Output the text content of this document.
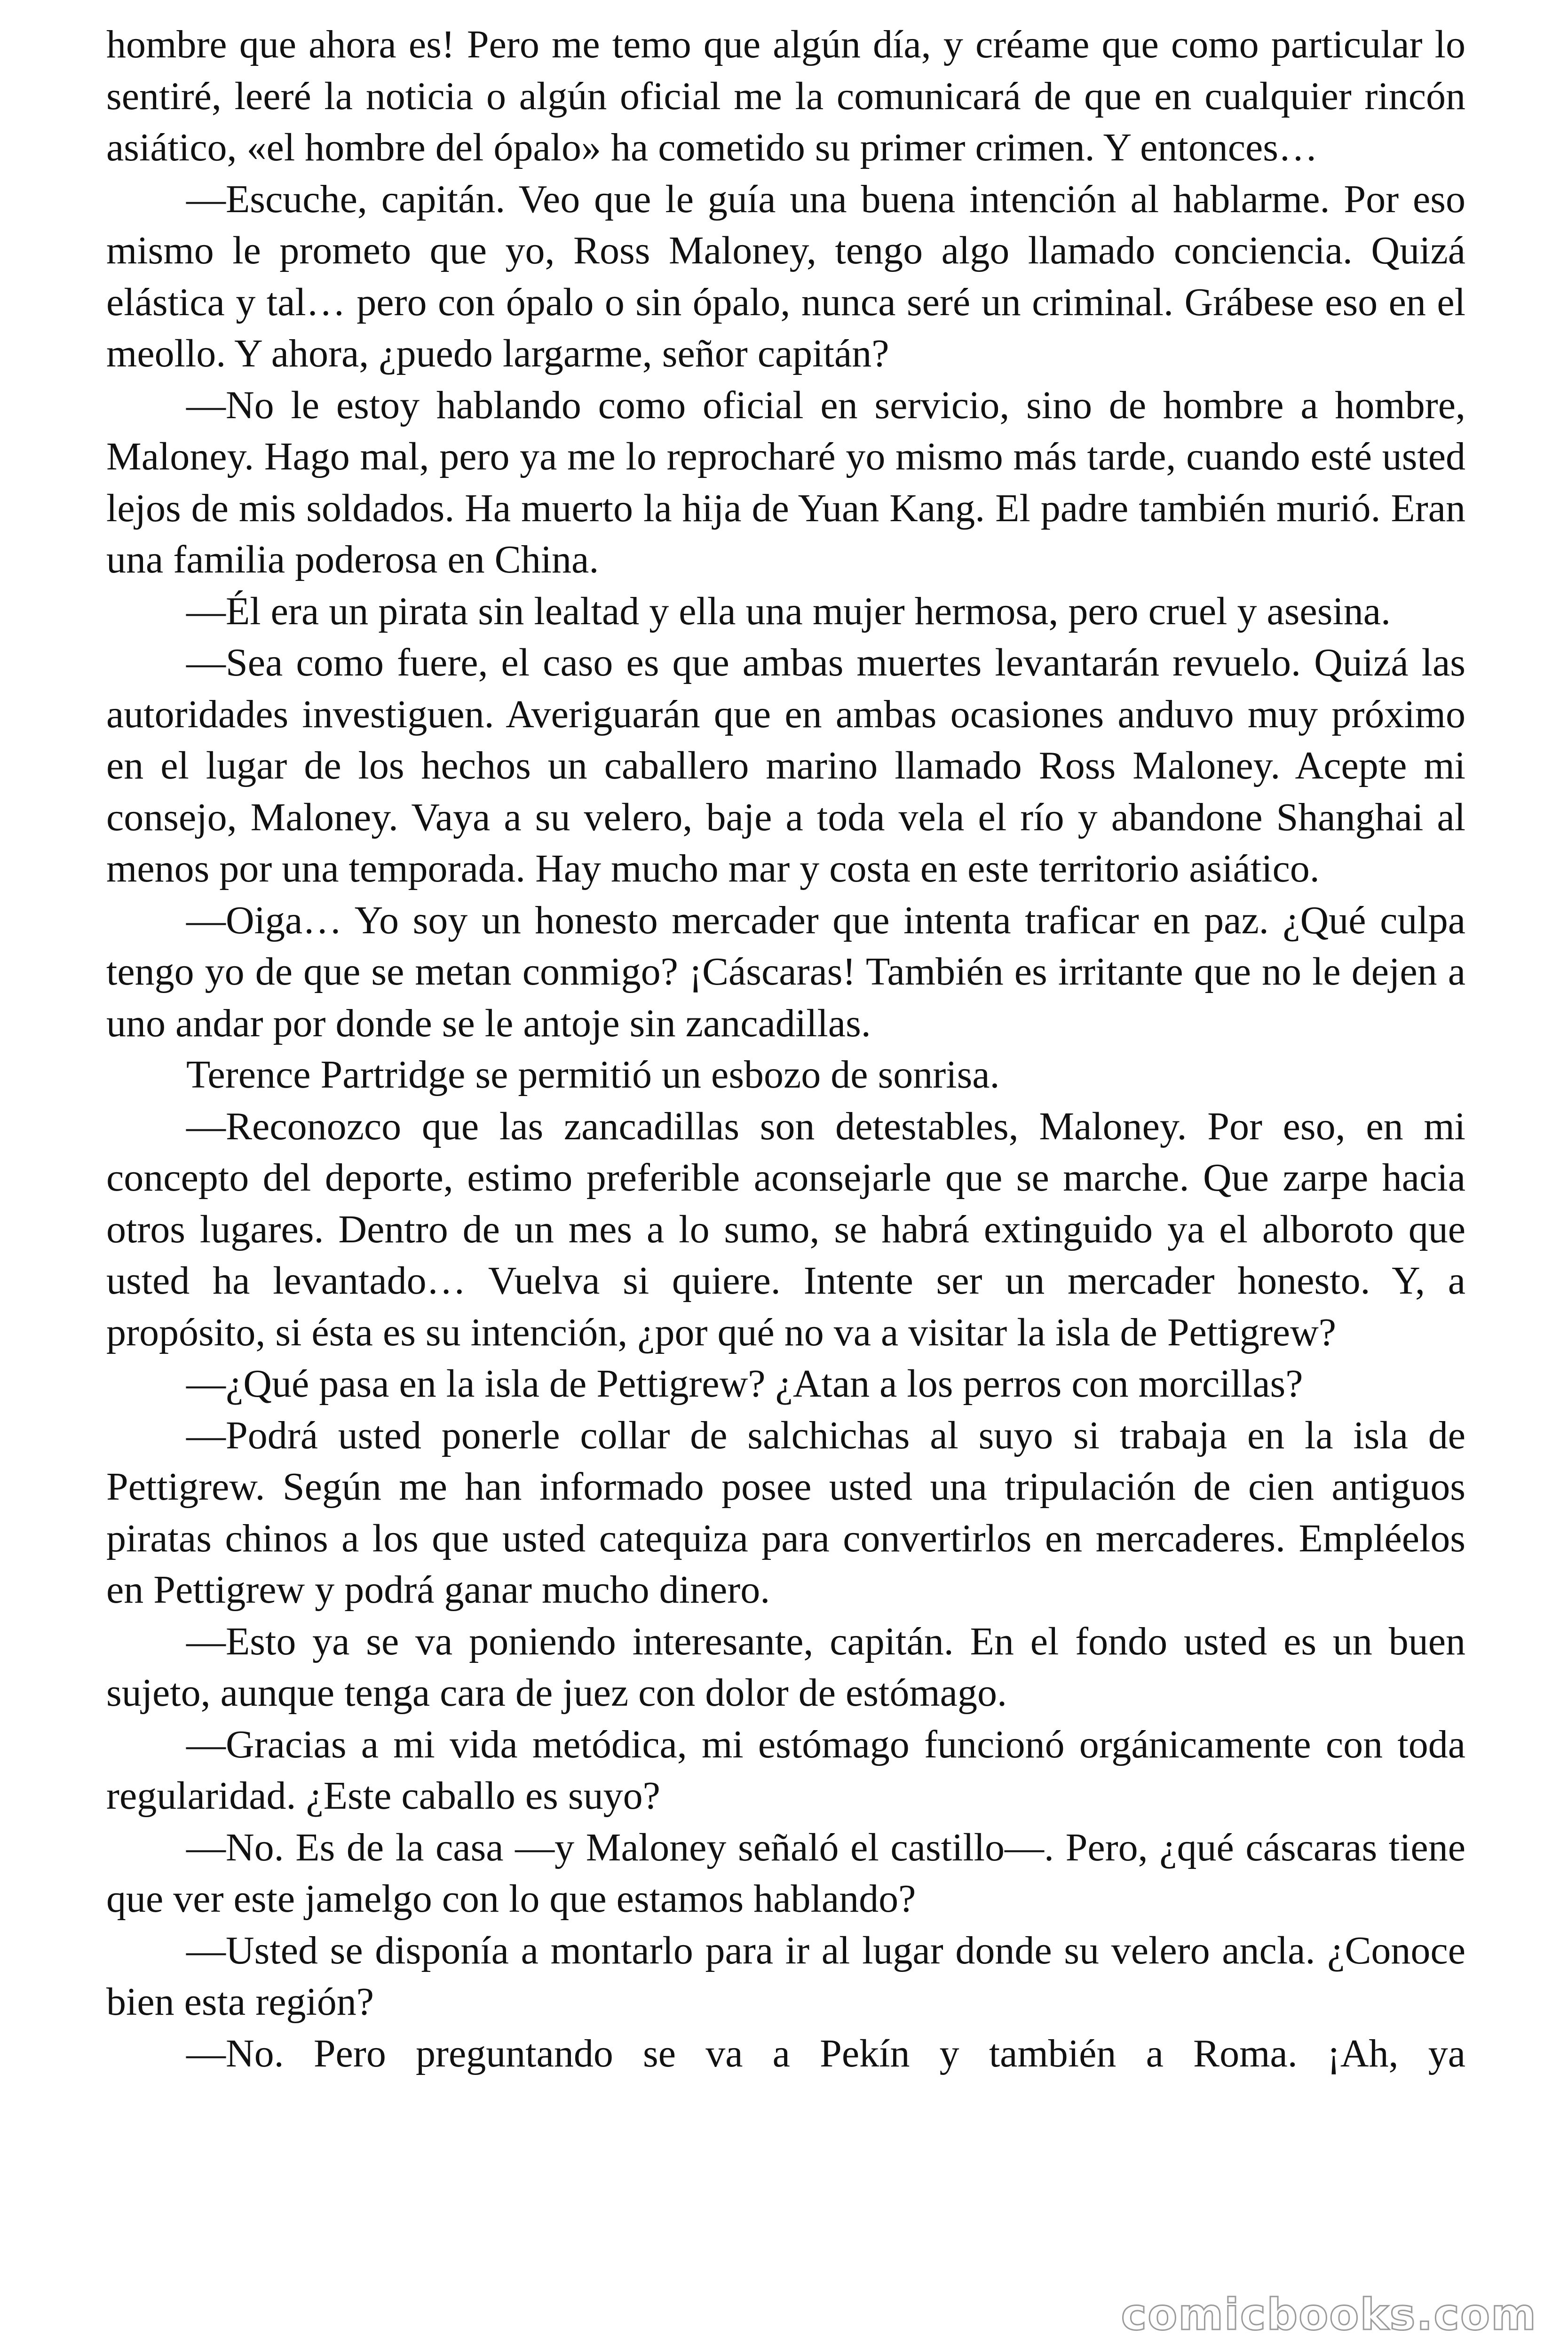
hombre que ahora es! Pero me temo que algún día, y créame que como particular lo sentiré, leeré la noticia o algún oficial me la comunicará de que en cualquier rincón asiático, «el hombre del ópalo» ha cometido su primer crimen. Y entonces…

—Escuche, capitán. Veo que le guía una buena intención al hablarme. Por eso mismo le prometo que yo, Ross Maloney, tengo algo llamado conciencia. Quizá elástica y tal… pero con ópalo o sin ópalo, nunca seré un criminal. Grábese eso en el meollo. Y ahora, ¿puedo largarme, señor capitán?

—No le estoy hablando como oficial en servicio, sino de hombre a hombre, Maloney. Hago mal, pero ya me lo reprocharé yo mismo más tarde, cuando esté usted lejos de mis soldados. Ha muerto la hija de Yuan Kang. El padre también murió. Eran una familia poderosa en China.

—Él era un pirata sin lealtad y ella una mujer hermosa, pero cruel y asesina.

—Sea como fuere, el caso es que ambas muertes levantarán revuelo. Quizá las autoridades investiguen. Averiguarán que en ambas ocasiones anduvo muy próximo en el lugar de los hechos un caballero marino llamado Ross Maloney. Acepte mi consejo, Maloney. Vaya a su velero, baje a toda vela el río y abandone Shanghai al menos por una temporada. Hay mucho mar y costa en este territorio asiático.

—Oiga… Yo soy un honesto mercader que intenta traficar en paz. ¿Qué culpa tengo yo de que se metan conmigo? ¡Cáscaras! También es irritante que no le dejen a uno andar por donde se le antoje sin zancadillas.

Terence Partridge se permitió un esbozo de sonrisa.

—Reconozco que las zancadillas son detestables, Maloney. Por eso, en mi concepto del deporte, estimo preferible aconsejarle que se marche. Que zarpe hacia otros lugares. Dentro de un mes a lo sumo, se habrá extinguido ya el alboroto que usted ha levantado… Vuelva si quiere. Intente ser un mercader honesto. Y, a propósito, si ésta es su intención, ¿por qué no va a visitar la isla de Pettigrew?

—¿Qué pasa en la isla de Pettigrew? ¿Atan a los perros con morcillas?

—Podrá usted ponerle collar de salchichas al suyo si trabaja en la isla de Pettigrew. Según me han informado posee usted una tripulación de cien antiguos piratas chinos a los que usted catequiza para convertirlos en mercaderes. Empléelos en Pettigrew y podrá ganar mucho dinero.

—Esto ya se va poniendo interesante, capitán. En el fondo usted es un buen sujeto, aunque tenga cara de juez con dolor de estómago.

—Gracias a mi vida metódica, mi estómago funcionó orgánicamente con toda regularidad. ¿Este caballo es suyo?

—No. Es de la casa —y Maloney señaló el castillo—. Pero, ¿qué cáscaras tiene que ver este jamelgo con lo que estamos hablando?

—Usted se disponía a montarlo para ir al lugar donde su velero ancla. ¿Conoce bien esta región?

—No. Pero preguntando se va a Pekín y también a Roma. ¡Ah, ya

comicbooks.com
